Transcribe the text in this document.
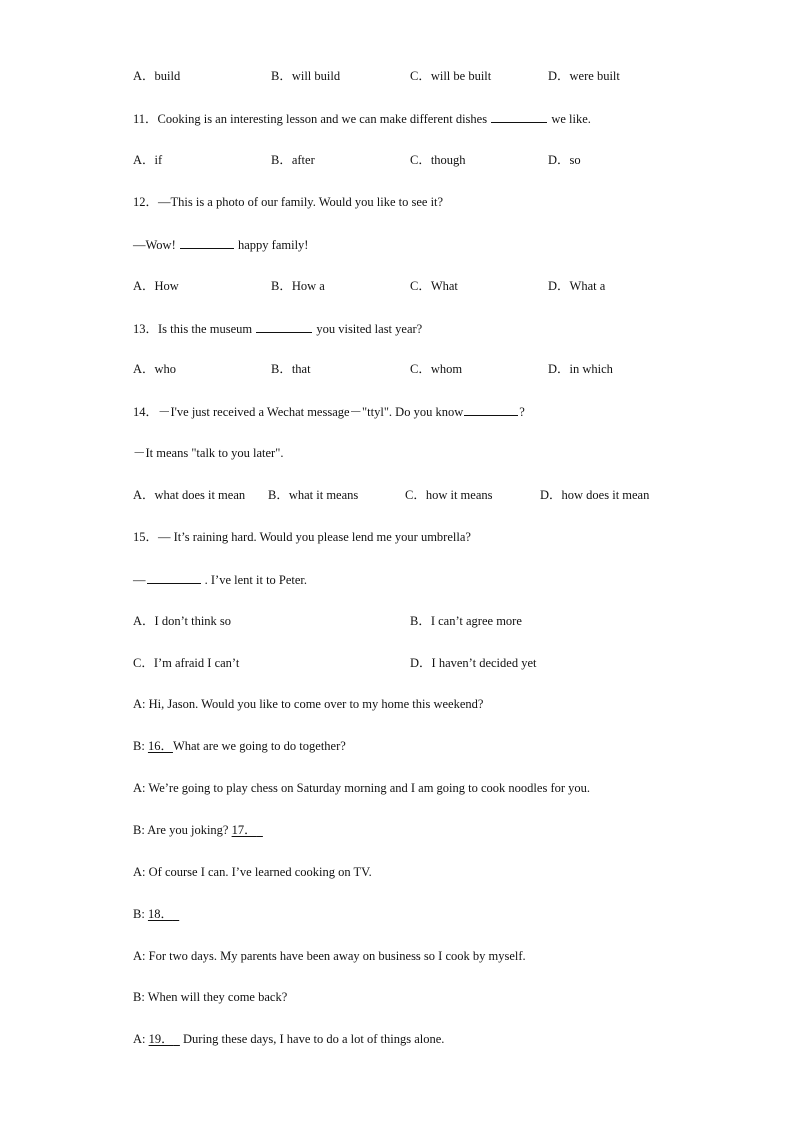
A．build	B．will build	C．will be built	D．were built
11．Cooking is an interesting lesson and we can make different dishes	we like.
A．if	B．after	C．though	D．so
12．—This is a photo of our family. Would you like to see it?
—Wow!	happy family!
A．How	B．How a	C．What	D．What a
13．Is this the museum	you visited last year?
A．who	B．that	C．whom	D．in which
14．－I've just received a Wechat message－"ttyl". Do you know	?
－It means "talk to you later".
A．what does it mean B．what it means	C．how it means	D．how does it mean
15．— It’s raining hard. Would you please lend me your umbrella?
—	. I’ve lent it to Peter.
A．I don’t think so	B．I can’t agree more
C．I’m afraid I can’t	D．I haven’t decided yet
A: Hi, Jason. Would you like to come over to my home this weekend?
B: 16．What are we going to do together?
A: We’re going to play chess on Saturday morning and I am going to cook noodles for you.
B: Are you joking? 17．
A: Of course I can. I’ve learned cooking on TV.
B: 18．
A: For two days. My parents have been away on business so I cook by myself.
B: When will they come back?
A: 19．   During these days, I have to do a lot of things alone.
